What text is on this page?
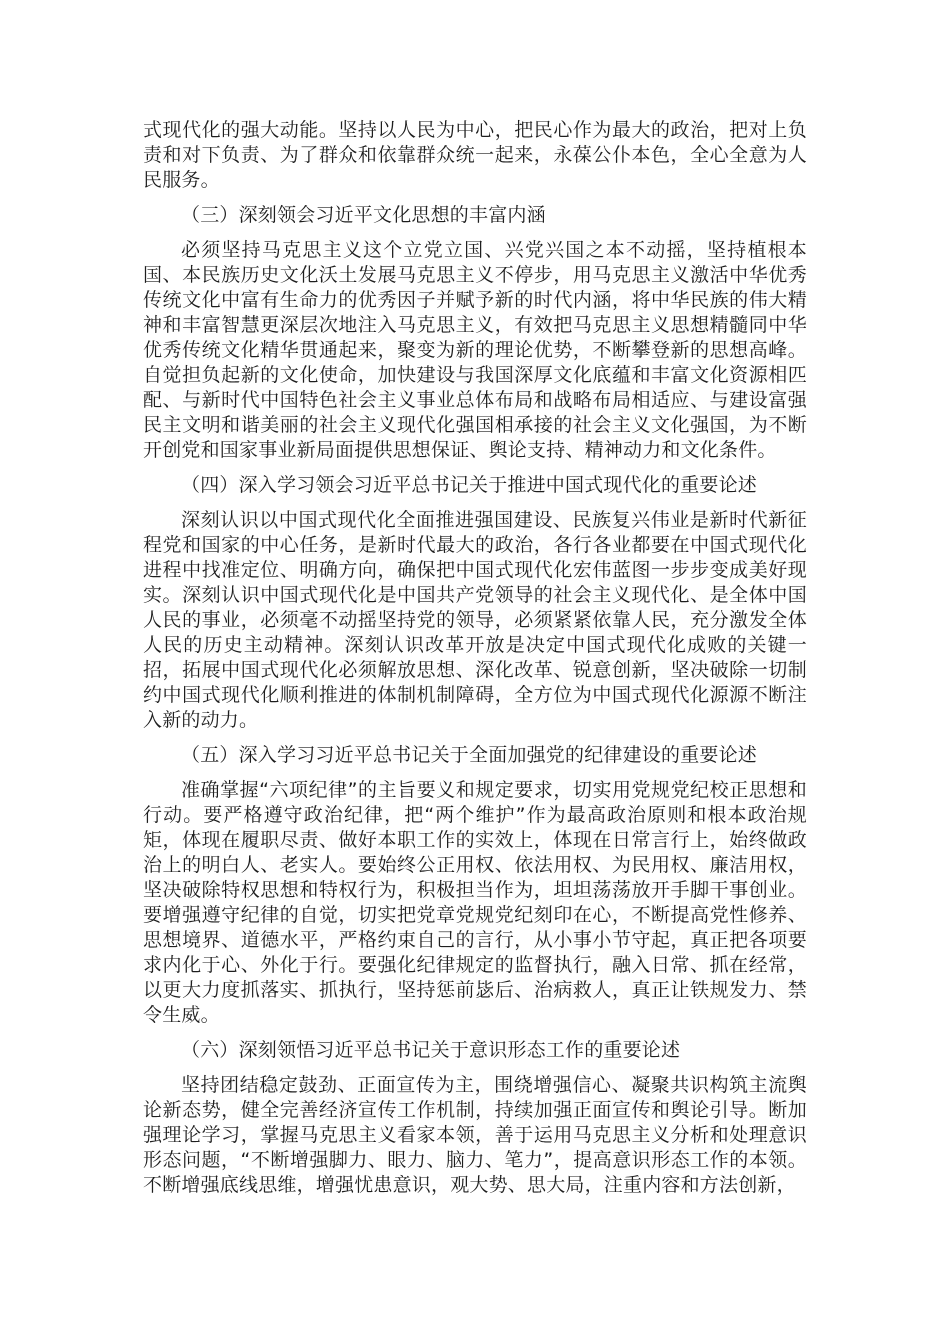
式现代化的强大动能。坚持以人民为中心，把民心作为最大的政治，把对上负责和对下负责、为了群众和依靠群众统一起来，永葆公仆本色，全心全意为人民服务。

（三）深刻领会习近平文化思想的丰富内涵

必须坚持马克思主义这个立党立国、兴党兴国之本不动摇，坚持植根本国、本民族历史文化沃土发展马克思主义不停步，用马克思主义激活中华优秀传统文化中富有生命力的优秀因子并赋予新的时代内涵，将中华民族的伟大精神和丰富智慧更深层次地注入马克思主义，有效把马克思主义思想精髓同中华优秀传统文化精华贯通起来，聚变为新的理论优势，不断攀登新的思想高峰。自觉担负起新的文化使命，加快建设与我国深厚文化底蕴和丰富文化资源相匹配、与新时代中国特色社会主义事业总体布局和战略布局相适应、与建设富强民主文明和谐美丽的社会主义现代化强国相承接的社会主义文化强国，为不断开创党和国家事业新局面提供思想保证、舆论支持、精神动力和文化条件。

（四）深入学习领会习近平总书记关于推进中国式现代化的重要论述

深刻认识以中国式现代化全面推进强国建设、民族复兴伟业是新时代新征程党和国家的中心任务，是新时代最大的政治，各行各业都要在中国式现代化进程中找准定位、明确方向，确保把中国式现代化宏伟蓝图一步步变成美好现实。深刻认识中国式现代化是中国共产党领导的社会主义现代化、是全体中国人民的事业，必须毫不动摇坚持党的领导，必须紧紧依靠人民，充分激发全体人民的历史主动精神。深刻认识改革开放是决定中国式现代化成败的关键一招，拓展中国式现代化必须解放思想、深化改革、锐意创新，坚决破除一切制约中国式现代化顺利推进的体制机制障碍，全方位为中国式现代化源源不断注入新的动力。

（五）深入学习习近平总书记关于全面加强党的纪律建设的重要论述

准确掌握“六项纪律”的主旨要义和规定要求，切实用党规党纪校正思想和行动。要严格遵守政治纪律，把“两个维护”作为最高政治原则和根本政治规矩，体现在履职尽责、做好本职工作的实效上，体现在日常言行上，始终做政治上的明白人、老实人。要始终公正用权、依法用权、为民用权、廉洁用权，坚决破除特权思想和特权行为，积极担当作为，坦坦荡荡放开手脚干事创业。要增强遵守纪律的自觉，切实把党章党规党纪刻印在心，不断提高党性修养、思想境界、道德水平，严格约束自己的言行，从小事小节守起，真正把各项要求内化于心、外化于行。要强化纪律规定的监督执行，融入日常、抓在经常，以更大力度抓落实、抓执行，坚持惩前毖后、治病救人，真正让铁规发力、禁令生威。

（六）深刻领悟习近平总书记关于意识形态工作的重要论述

坚持团结稳定鼓劲、正面宣传为主，围绕增强信心、凝聚共识构筑主流舆论新态势，健全完善经济宣传工作机制，持续加强正面宣传和舆论引导。断加强理论学习，掌握马克思主义看家本领，善于运用马克思主义分析和处理意识形态问题，“不断增强脚力、眼力、脑力、笔力”，提高意识形态工作的本领。不断增强底线思维，增强忧患意识，观大势、思大局，注重内容和方法创新，
